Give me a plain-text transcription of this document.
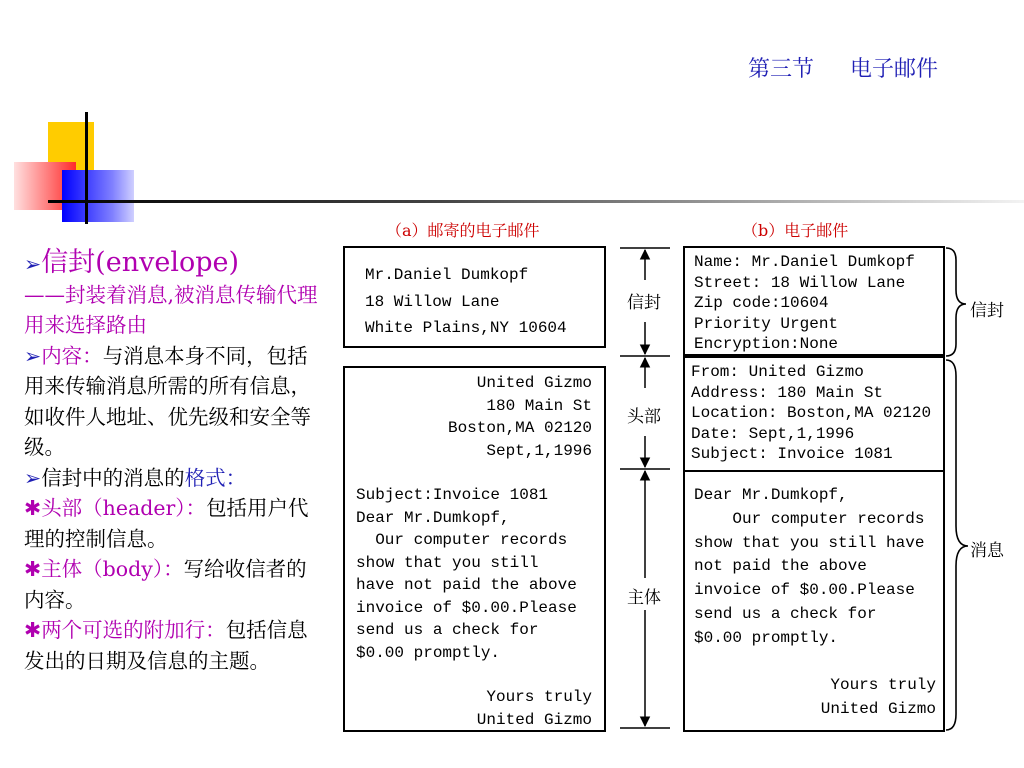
第三节 电子邮件
（a）邮寄的电子邮件	（b）电子邮件

➢信封(envelope)

——封装着消息,被消息传输代理用来选择路由

➢内容：与消息本身不同，包括用来传输消息所需的所有信息，如收件人地址、优先级和安全等级。

➢信封中的消息的格式：

✱头部（header）：包括用户代理的控制信息。

✱主体（body）：写给收信者的内容。

✱两个可选的附加行：包括信息发出的日期及信息的主题。

Mr.Daniel Dumkopf
18 Willow Lane
White Plains,NY 10604
United Gizmo
180 Main St
Boston,MA 02120
Sept,1,1996
Subject:Invoice 1081
Dear Mr.Dumkopf,
Our computer records
show that you still
have not paid the above
invoice of $0.00.Please
send us a check for
$0.00 promptly.
Yours truly
United Gizmo
信封
头部
主体
Name: Mr.Daniel Dumkopf
Street: 18 Willow Lane
Zip code:10604
Priority Urgent
Encryption:None
From: United Gizmo
Address: 180 Main St
Location: Boston,MA 02120
Date: Sept,1,1996
Subject: Invoice 1081
Dear Mr.Dumkopf,
Our computer records
show that you still have
not paid the above
invoice of $0.00.Please
send us a check for
$0.00 promptly.
Yours truly
United Gizmo
信封
消息
